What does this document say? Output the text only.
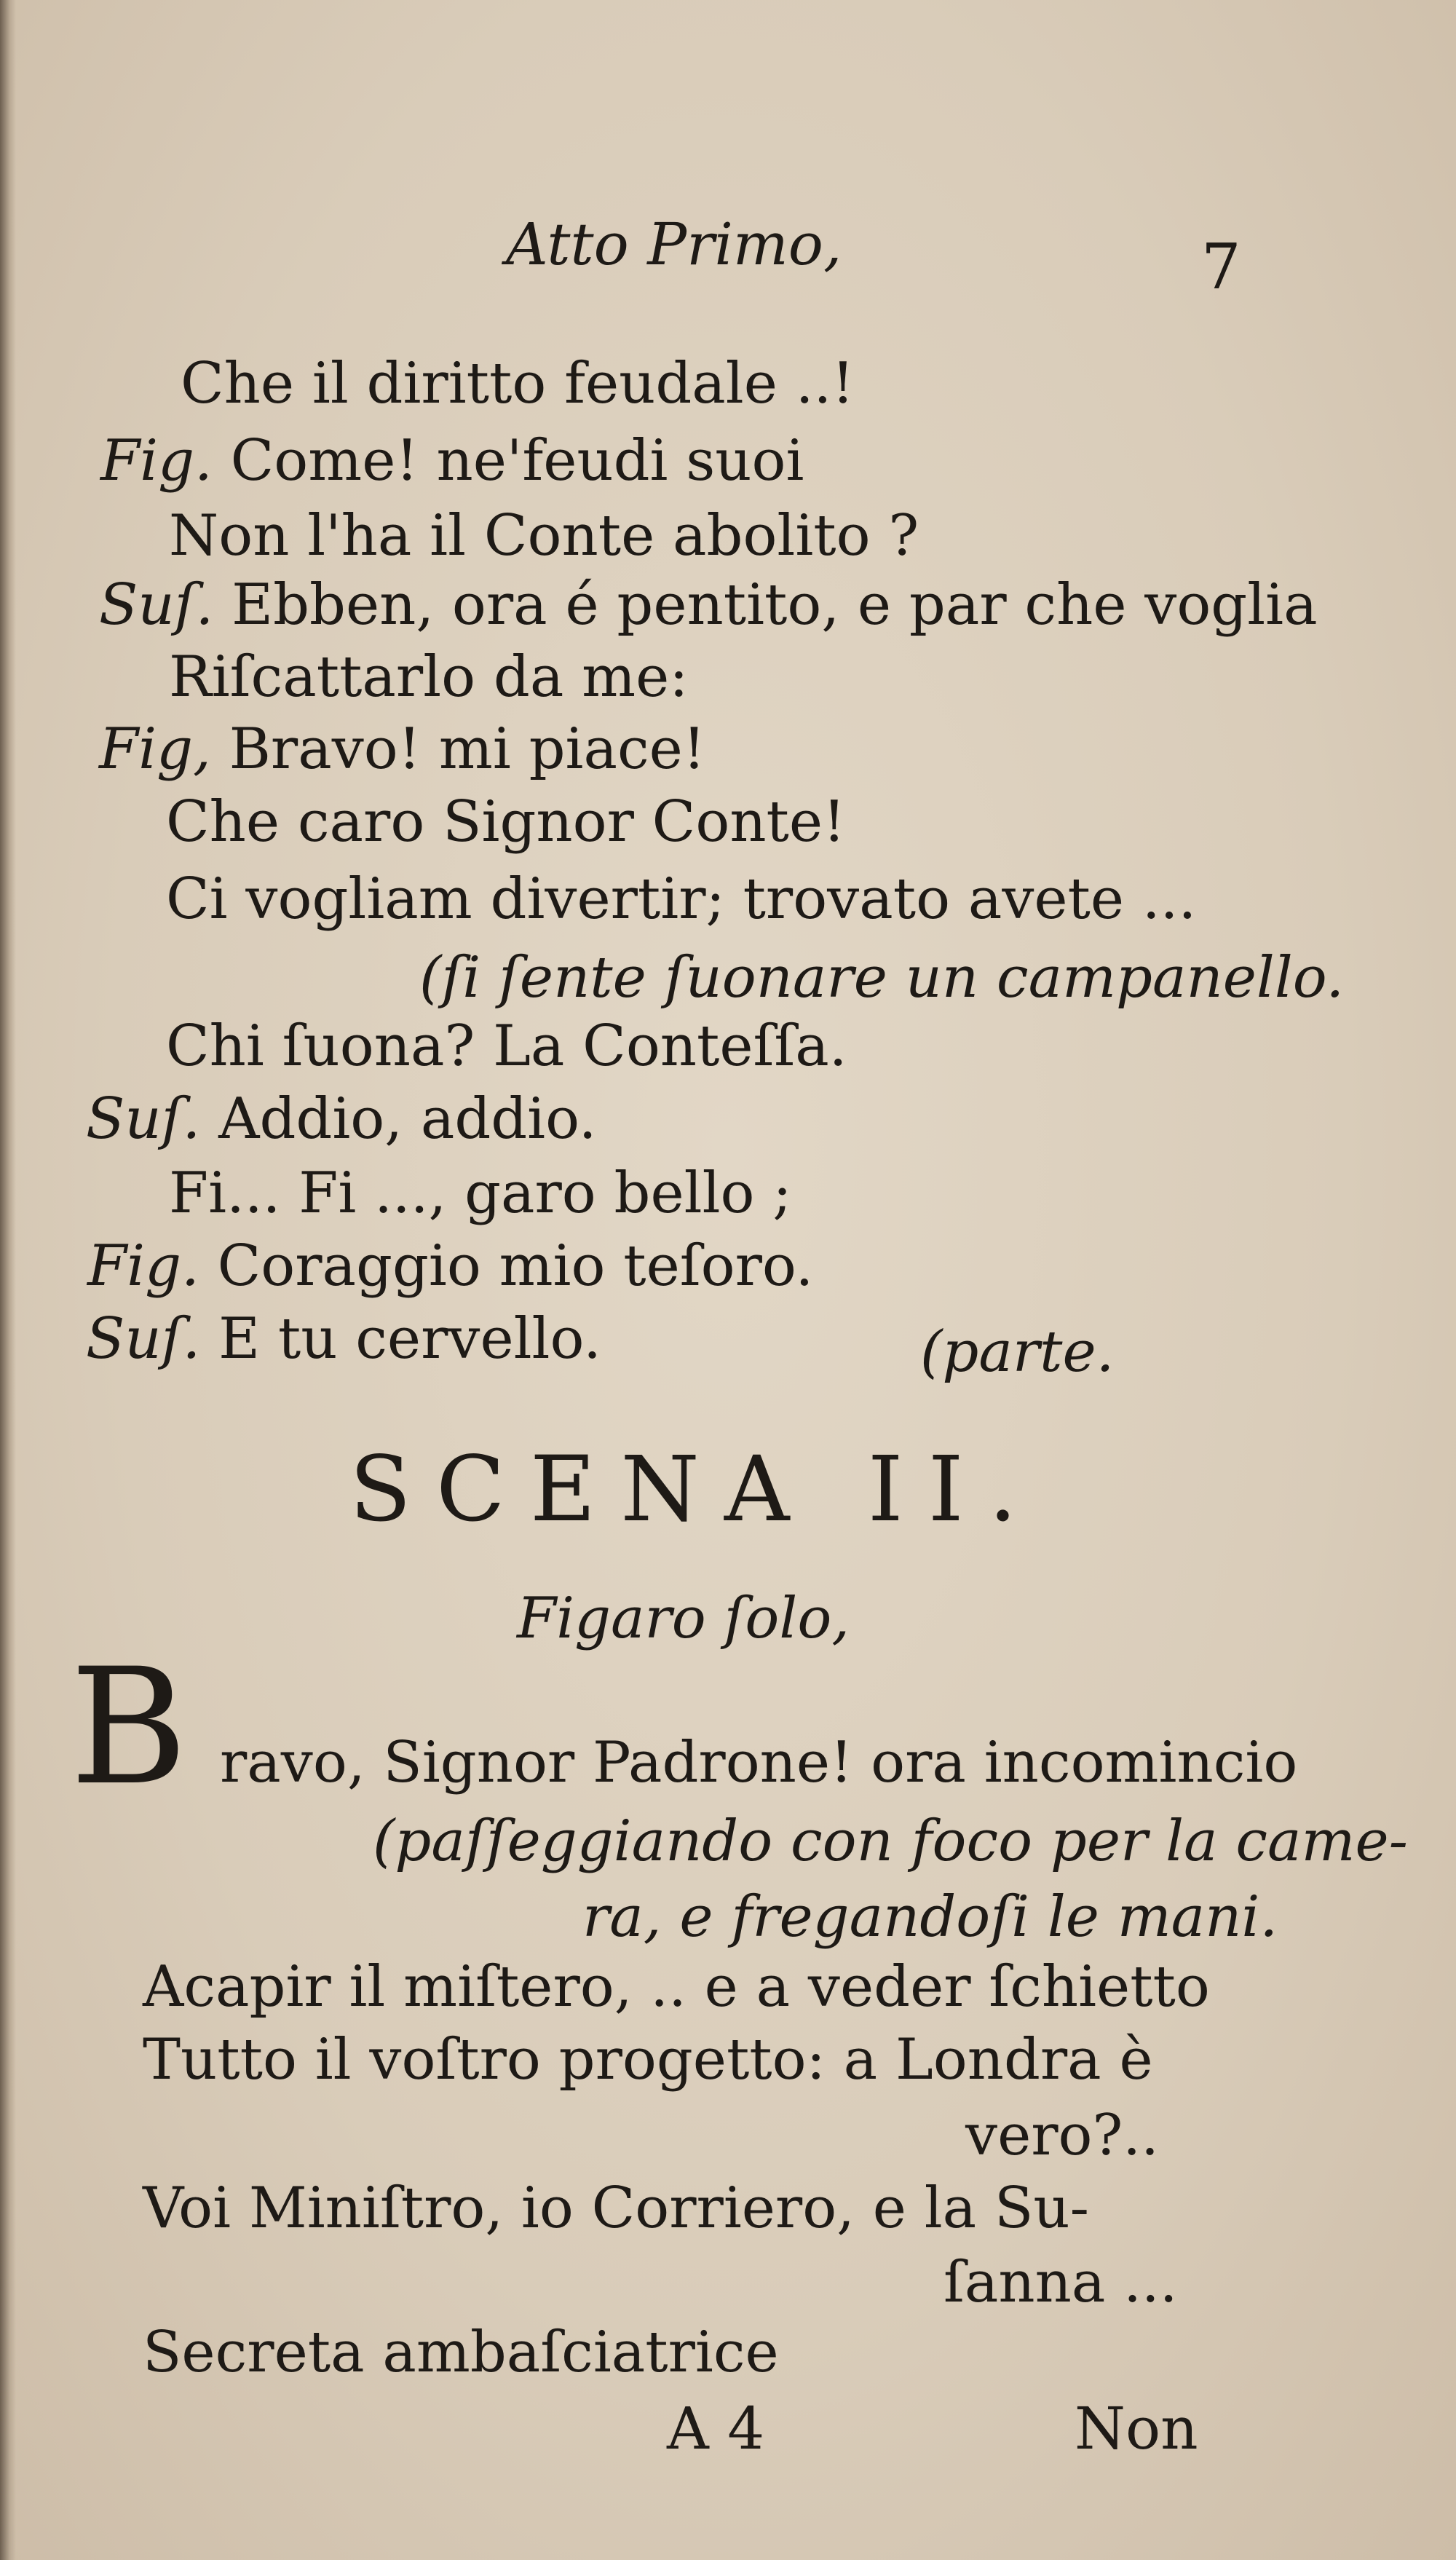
Atto Primo,	7
Che il diritto feudale ..!
Fig. Come! ne'feudi suoi
Non l'ha il Conte abolito ?
Suſ. Ebben, ora é pentito, e par che voglia
Riſcattarlo da me:
Fig, Bravo! mi piace!
Che caro Signor Conte!
Ci vogliam divertir; trovato avete ...
(ſi ſente ſuonare un campanello.
Chi ſuona? La Conteſſa.
Suſ. Addio, addio.
Fi... Fi ..., garo bello ;
Fig. Coraggio mio teſoro.
Suſ. E tu cervello.	(parte.
SCENA II.
Figaro ſolo,
B ravo, Signor Padrone! ora incomincio
(paſſeggiando con foco per la came-
ra, e fregandoſi le mani.
Acapir il miſtero, .. e a veder ſchietto
Tutto il voſtro progetto: a Londra è
vero?..
Voi Miniſtro, io Corriero, e la Su-
ſanna ...
Secreta ambaſciatrice
A 4	Non
